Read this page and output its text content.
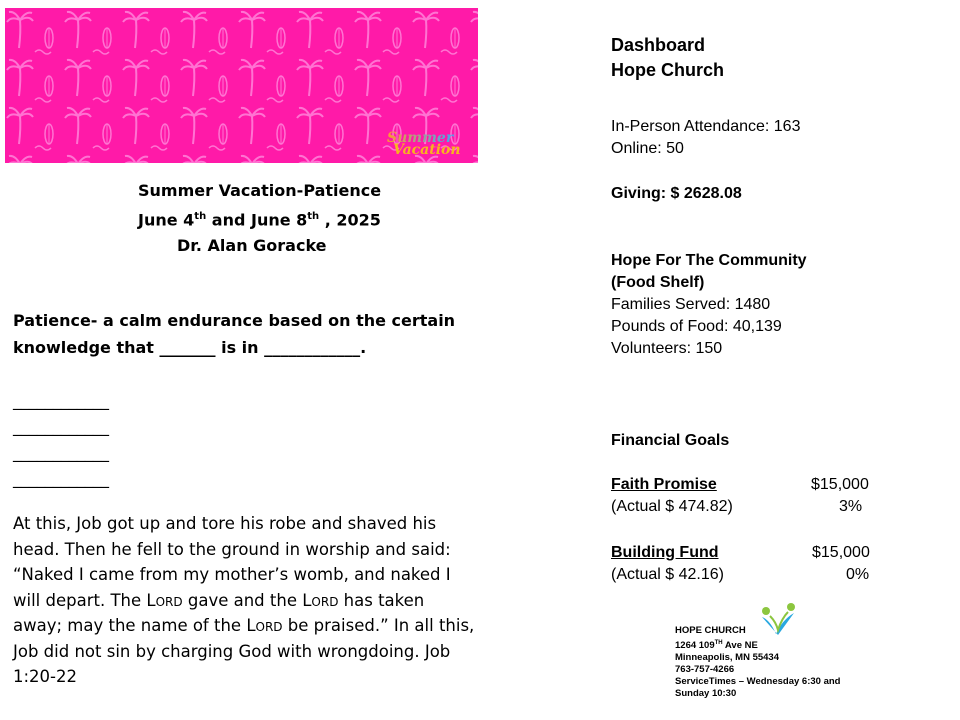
Summer
Vacation
Summer Vacation-Patience
June 4th and June 8th , 2025
Dr. Alan Goracke
Patience- a calm endurance based on the certain knowledge that _______ is in ____________.
____________
____________
____________
____________
At this, Job got up and tore his robe and shaved his head. Then he fell to the ground in worship and said: “Naked I came from my mother’s womb, and naked I will depart. The Lord gave and the Lord has taken away; may the name of the Lord be praised.” In all this, Job did not sin by charging God with wrongdoing. Job 1:20-22
Dashboard
Hope Church
In-Person Attendance: 163
Online: 50
Giving: $ 2628.08
Hope For The Community
(Food Shelf)
Families Served: 1480
Pounds of Food: 40,139
Volunteers: 150
Financial Goals
Faith Promise	$15,000
(Actual $ 474.82)	3%
Building Fund	$15,000
(Actual $ 42.16)	0%
HOPE CHURCH
1264 109TH Ave NE
Minneapolis, MN 55434
763-757-4266
ServiceTimes – Wednesday 6:30 and
Sunday 10:30
